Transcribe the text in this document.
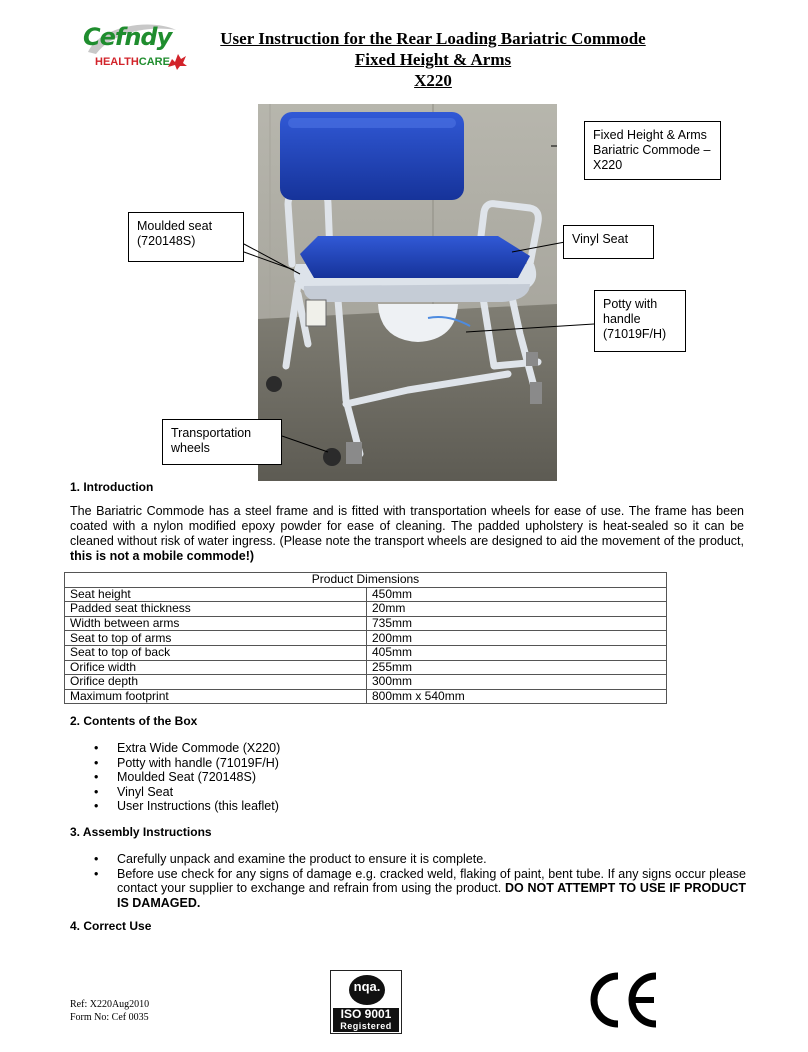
Cefndy
HEALTHCARE
User Instruction for the Rear Loading Bariatric Commode
Fixed Height & Arms
X220
Fixed Height & Arms Bariatric Commode – X220
Moulded seat (720148S)	Vinyl Seat
Potty with handle (71019F/H)
Transportation wheels
1. Introduction
The Bariatric Commode has a steel frame and is fitted with transportation wheels for ease of use. The frame has been coated with a nylon modified epoxy powder for ease of cleaning. The padded upholstery is heat-sealed so it can be cleaned without risk of water ingress. (Please note the transport wheels are designed to aid the movement of the product, this is not a mobile commode!)
Product Dimensions	
Seat height	450mm
Padded seat thickness	20mm
Width between arms	735mm
Seat to top of arms	200mm
Seat to top of back	405mm
Orifice width	255mm
Orifice depth	300mm
Maximum footprint	800mm x 540mm
2. Contents of the Box
• Extra Wide Commode (X220)
• Potty with handle (71019F/H)
• Moulded Seat (720148S)
• Vinyl Seat
• User Instructions (this leaflet)
3. Assembly Instructions
• Carefully unpack and examine the product to ensure it is complete.
• Before use check for any signs of damage e.g. cracked weld, flaking of paint, bent tube. If any signs occur please contact your supplier to exchange and refrain from using the product. DO NOT ATTEMPT TO USE IF PRODUCT IS DAMAGED.
4. Correct Use
Ref: X220Aug2010
Form No: Cef 0035
nqa.
ISO 9001
Registered
